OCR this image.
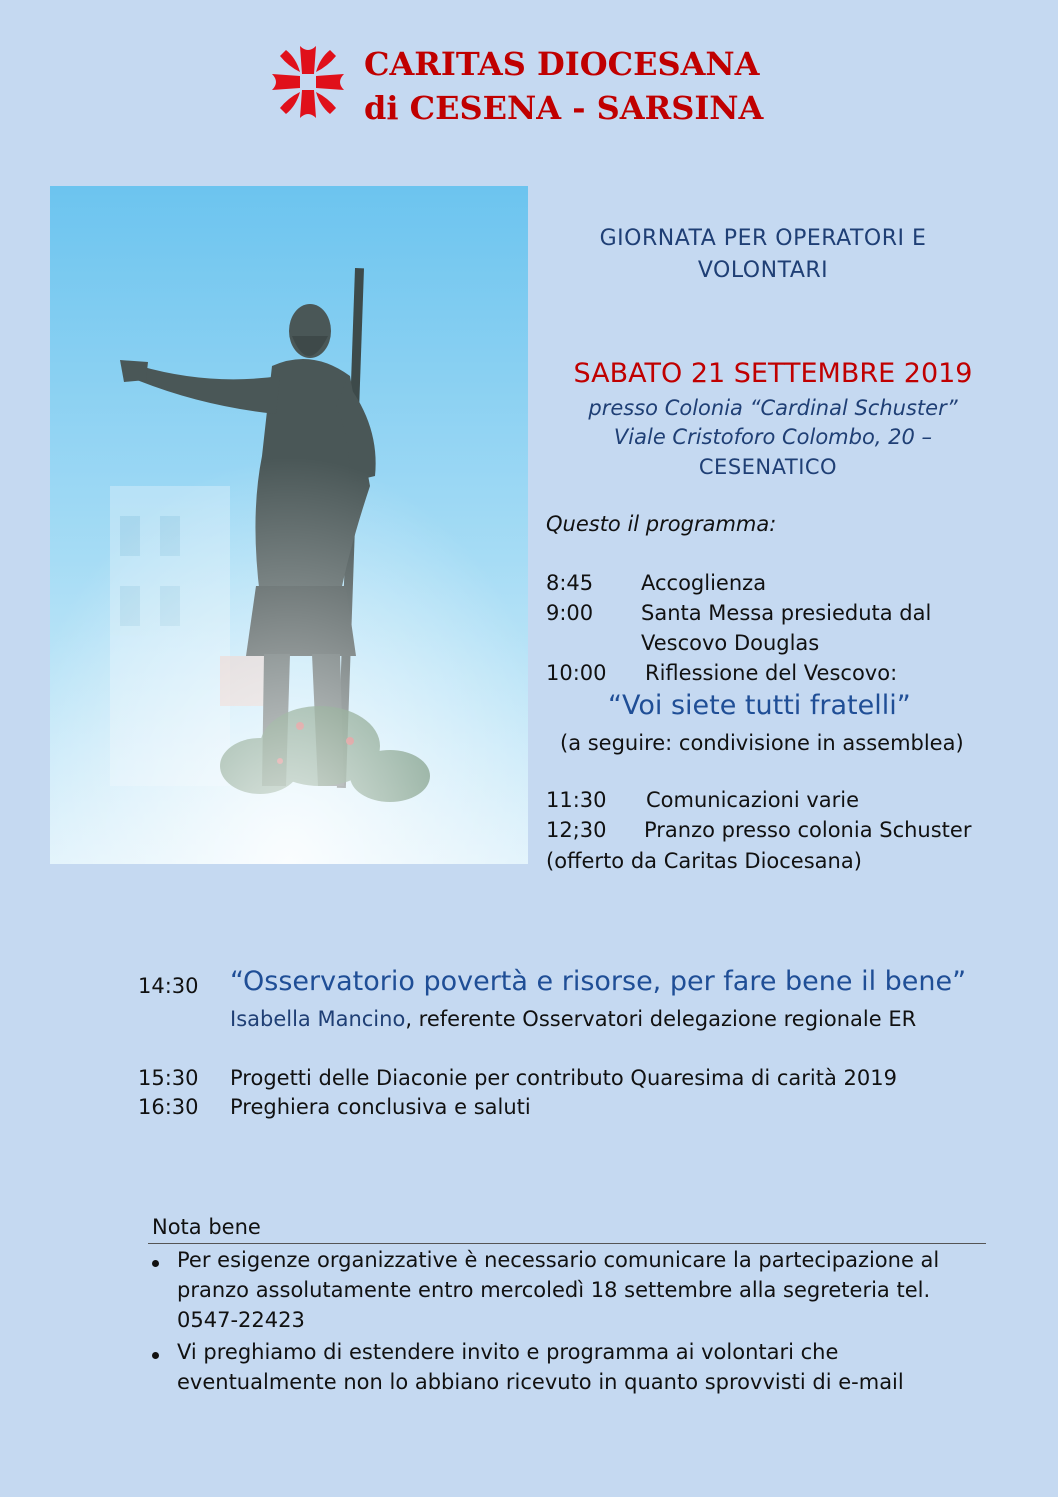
CARITAS DIOCESANA
di CESENA - SARSINA
GIORNATA PER OPERATORI E
VOLONTARI
SABATO 21 SETTEMBRE 2019
presso Colonia “Cardinal Schuster”
Viale Cristoforo Colombo, 20 –
CESENATICO
Questo il programma:
8:45 Accoglienza
9:00 Santa Messa presieduta dal
Vescovo Douglas
10:00 Riflessione del Vescovo:
“Voi siete tutti fratelli”
(a seguire: condivisione in assemblea)
11:30 Comunicazioni varie
12;30 Pranzo presso colonia Schuster
(offerto da Caritas Diocesana)
14:30 “Osservatorio povertà e risorse, per fare bene il bene”
Isabella Mancino, referente Osservatori delegazione regionale ER
15:30 Progetti delle Diaconie per contributo Quaresima di carità 2019
16:30 Preghiera conclusiva e saluti
Nota bene
Per esigenze organizzative è necessario comunicare la partecipazione al
pranzo assolutamente entro mercoledì 18 settembre alla segreteria tel.
0547-22423
Vi preghiamo di estendere invito e programma ai volontari che
eventualmente non lo abbiano ricevuto in quanto sprovvisti di e-mail
